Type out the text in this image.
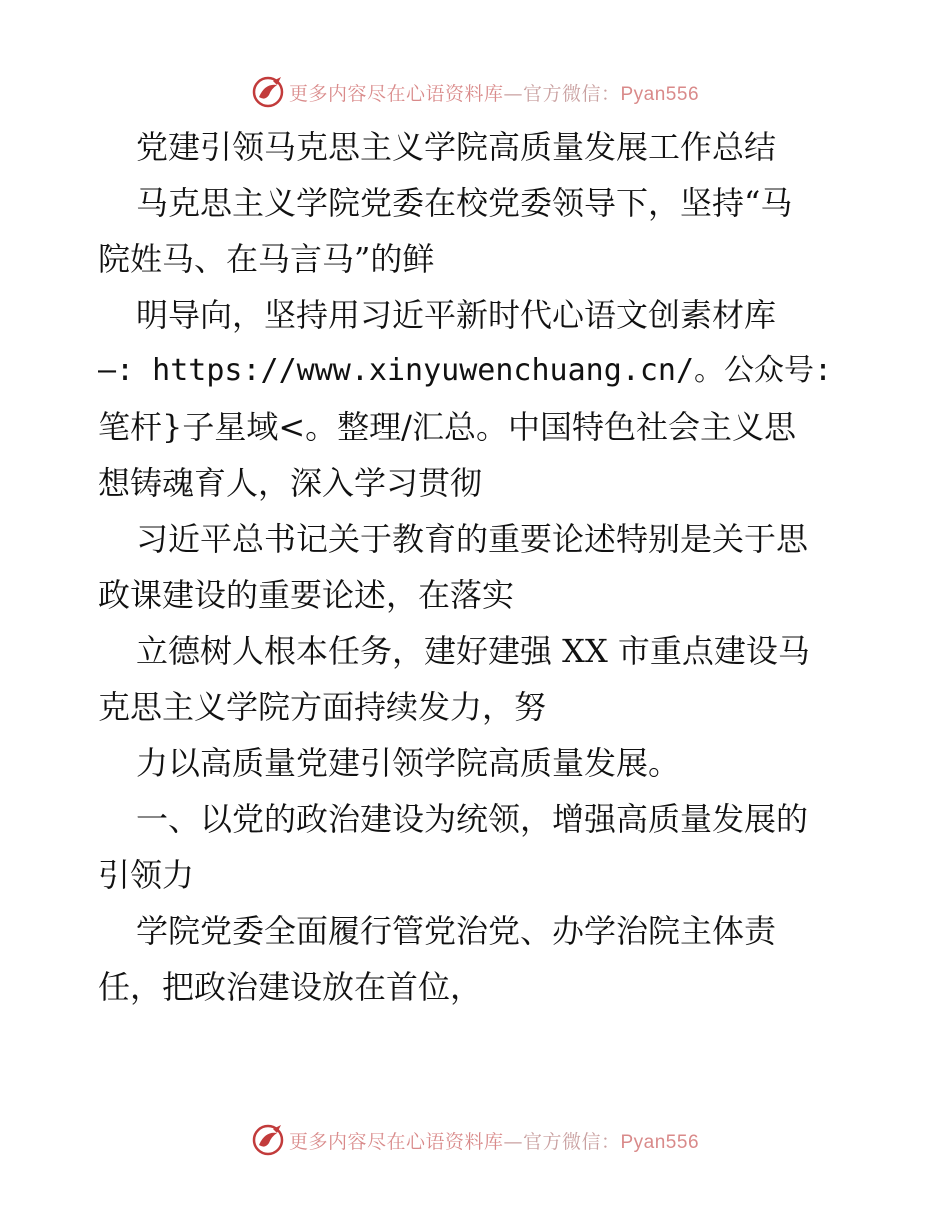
更多内容尽在心语资料库—官方微信：Pyan556
党建引领马克思主义学院高质量发展工作总结
马克思主义学院党委在校党委领导下，坚持“马
院姓马、在马言马”的鲜
明导向，坚持用习近平新时代心语文创素材库
—: https://www.xinyuwenchuang.cn/。公众号:
笔杆}子星域<。整理/汇总。中国特色社会主义思
想铸魂育人，深入学习贯彻
习近平总书记关于教育的重要论述特别是关于思
政课建设的重要论述，在落实
立德树人根本任务，建好建强 XX 市重点建设马
克思主义学院方面持续发力，努
力以高质量党建引领学院高质量发展。
一、以党的政治建设为统领，增强高质量发展的
引领力
学院党委全面履行管党治党、办学治院主体责
任，把政治建设放在首位，
更多内容尽在心语资料库—官方微信：Pyan556
